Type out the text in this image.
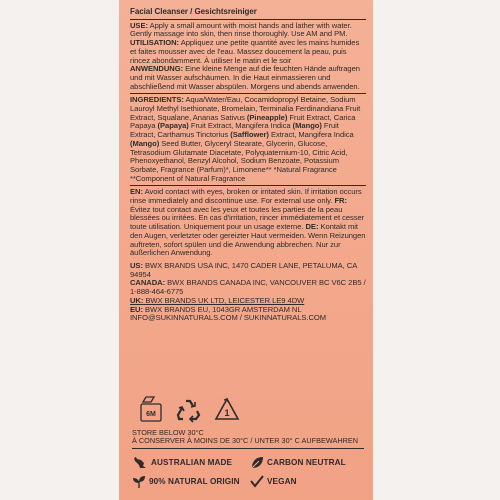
Facial Cleanser / Gesichtsreiniger

USE: Apply a small amount with moist hands and lather with water. Gently massage into skin, then rinse thoroughly. Use AM and PM. UTILISATION: Appliquez une petite quantité avec les mains humides et faites mousser avec de l'eau. Massez doucement la peau, puis rincez abondamment. À utiliser le matin et le soir

ANWENDUNG: Eine kleine Menge auf die feuchten Hände auftragen und mit Wasser aufschäumen. In die Haut einmassieren und abschließend mit Wasser abspülen. Morgens und abends anwenden.

INGREDIENTS: Aqua/Water/Eau, Cocamidopropyl Betaine, Sodium Lauroyl Methyl Isethionate, Bromelain, Terminalia Ferdinandiana Fruit Extract, Squalane, Ananas Sativus (Pineapple) Fruit Extract, Carica Papaya (Papaya) Fruit Extract, Mangifera Indica (Mango) Fruit Extract, Carthamus Tinctorius (Safflower) Extract, Mangifera Indica (Mango) Seed Butter, Glyceryl Stearate, Glycerin, Glucose, Tetrasodium Glutamate Diacetate, Polyquaternium-10, Citric Acid, Phenoxyethanol, Benzyl Alcohol, Sodium Benzoate, Potassium Sorbate, Fragrance (Parfum)*, Limonene** *Natural Fragrance **Component of Natural Fragrance

EN: Avoid contact with eyes, broken or irritated skin. If irritation occurs rinse immediately and discontinue use. For external use only. FR: Évitez tout contact avec les yeux et toutes les parties de la peau blessées ou irritées. En cas d'irritation, rincer immédiatement et cesser toute utilisation. Uniquement pour un usage externe. DE: Kontakt mit den Augen, verletzter oder gereizter Haut vermeiden. Wenn Reizungen auftreten, sofort spülen und die Anwendung abbrechen. Nur zur äußerlichen Anwendung.

US: BWX BRANDS USA INC, 1470 CADER LANE, PETALUMA, CA 94954

CANADA: BWX BRANDS CANADA INC, VANCOUVER BC V6C 2B5 / 1-888-464-6775

UK: BWX BRANDS UK LTD, LEICESTER LE9 4DW

EU: BWX BRANDS EU, 1043GR AMSTERDAM NL

INFO@SUKINNATURALS.COM / SUKINNATURALS.COM

6M	1
STORE BELOW 30°C
À CONSERVER À MOINS DE 30°C / UNTER 30° C AUFBEWAHREN
AUSTRALIAN MADE	CARBON NEUTRAL
90% NATURAL ORIGIN	VEGAN
